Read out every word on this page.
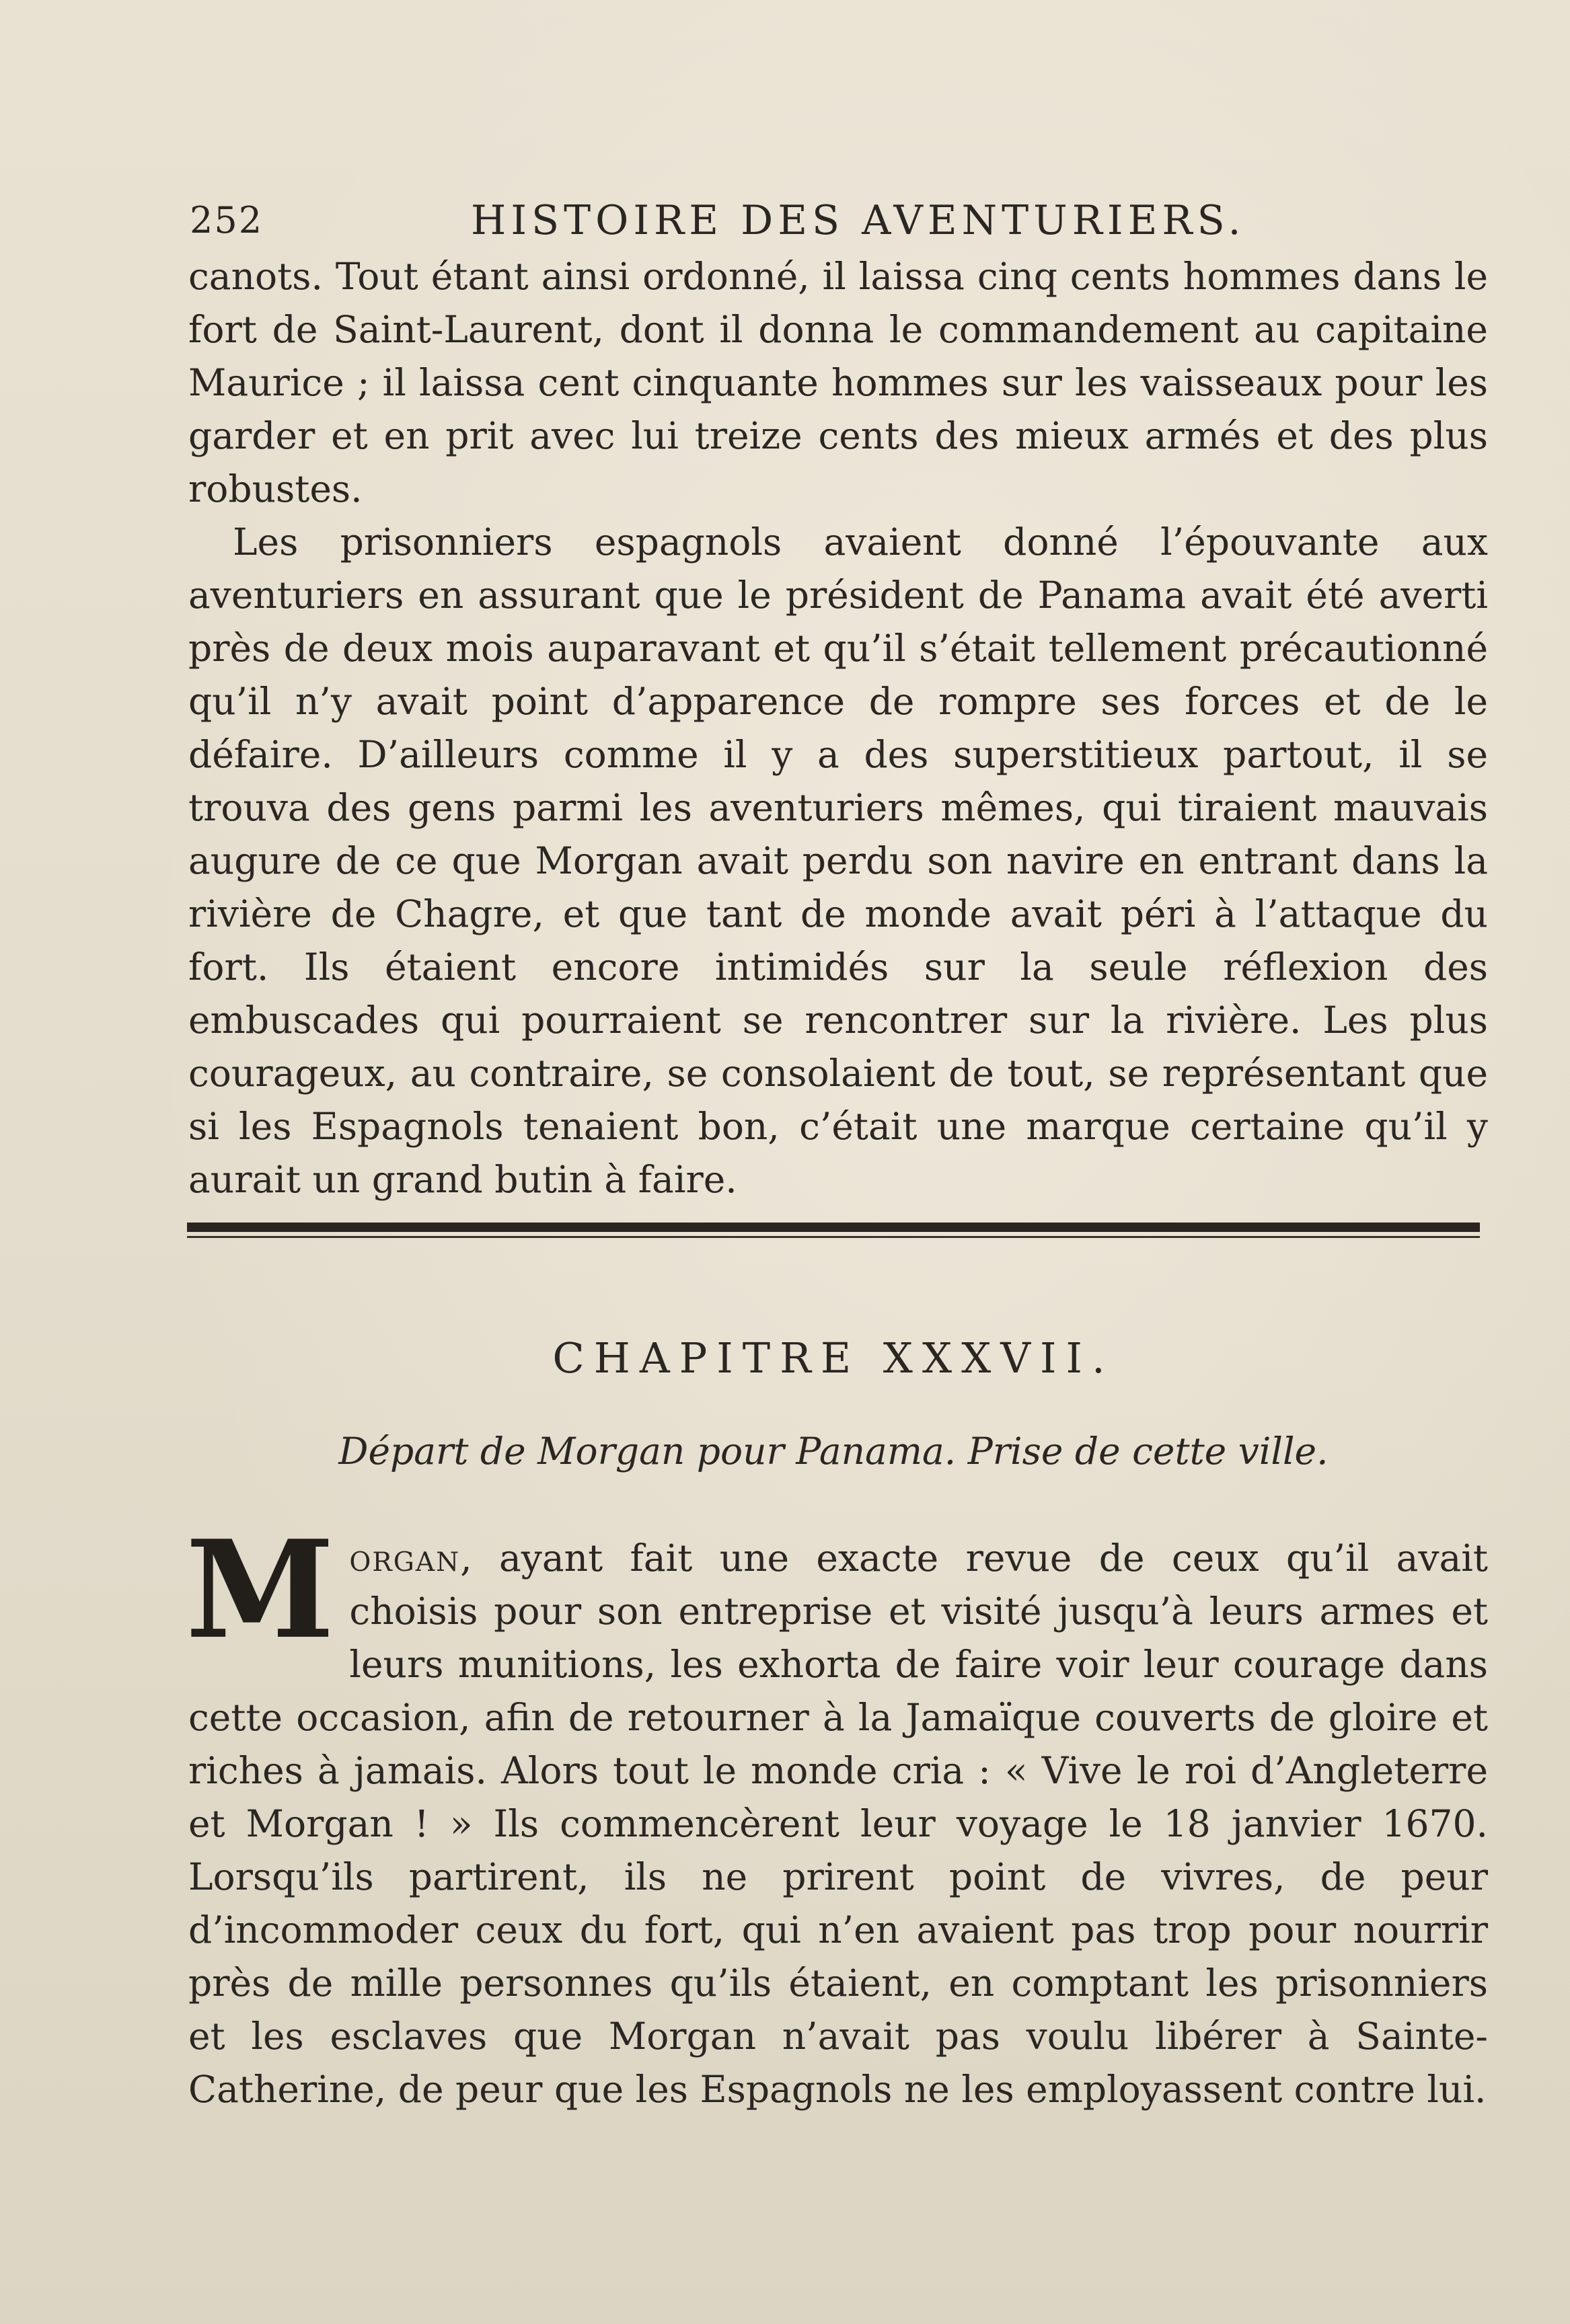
252	HISTOIRE DES AVENTURIERS.

canots. Tout étant ainsi ordonné, il laissa cinq cents hommes dans le fort de Saint-Laurent, dont il donna le commandement au capitaine Maurice ; il laissa cent cinquante hommes sur les vaisseaux pour les garder et en prit avec lui treize cents des mieux armés et des plus robustes.

Les prisonniers espagnols avaient donné l’épouvante aux aventuriers en assurant que le président de Panama avait été averti près de deux mois auparavant et qu’il s’était tellement précautionné qu’il n’y avait point d’apparence de rompre ses forces et de le défaire. D’ailleurs comme il y a des superstitieux partout, il se trouva des gens parmi les aventuriers mêmes, qui tiraient mauvais augure de ce que Morgan avait perdu son navire en entrant dans la rivière de Chagre, et que tant de monde avait péri à l’attaque du fort. Ils étaient encore intimidés sur la seule réflexion des embuscades qui pourraient se rencontrer sur la rivière. Les plus courageux, au contraire, se consolaient de tout, se représentant que si les Espagnols tenaient bon, c’était une marque certaine qu’il y aurait un grand butin à faire.

CHAPITRE XXXVII.
Départ de Morgan pour Panama. Prise de cette ville.

Morgan, ayant fait une exacte revue de ceux qu’il avait choisis pour son entreprise et visité jusqu’à leurs armes et leurs munitions, les exhorta de faire voir leur courage dans cette occasion, afin de retourner à la Jamaïque couverts de gloire et riches à jamais. Alors tout le monde cria : « Vive le roi d’Angleterre et Morgan ! » Ils commencèrent leur voyage le 18 janvier 1670. Lorsqu’ils partirent, ils ne prirent point de vivres, de peur d’incommoder ceux du fort, qui n’en avaient pas trop pour nourrir près de mille personnes qu’ils étaient, en comptant les prisonniers et les esclaves que Morgan n’avait pas voulu libérer à Sainte-Catherine, de peur que les Espagnols ne les employassent contre lui.
